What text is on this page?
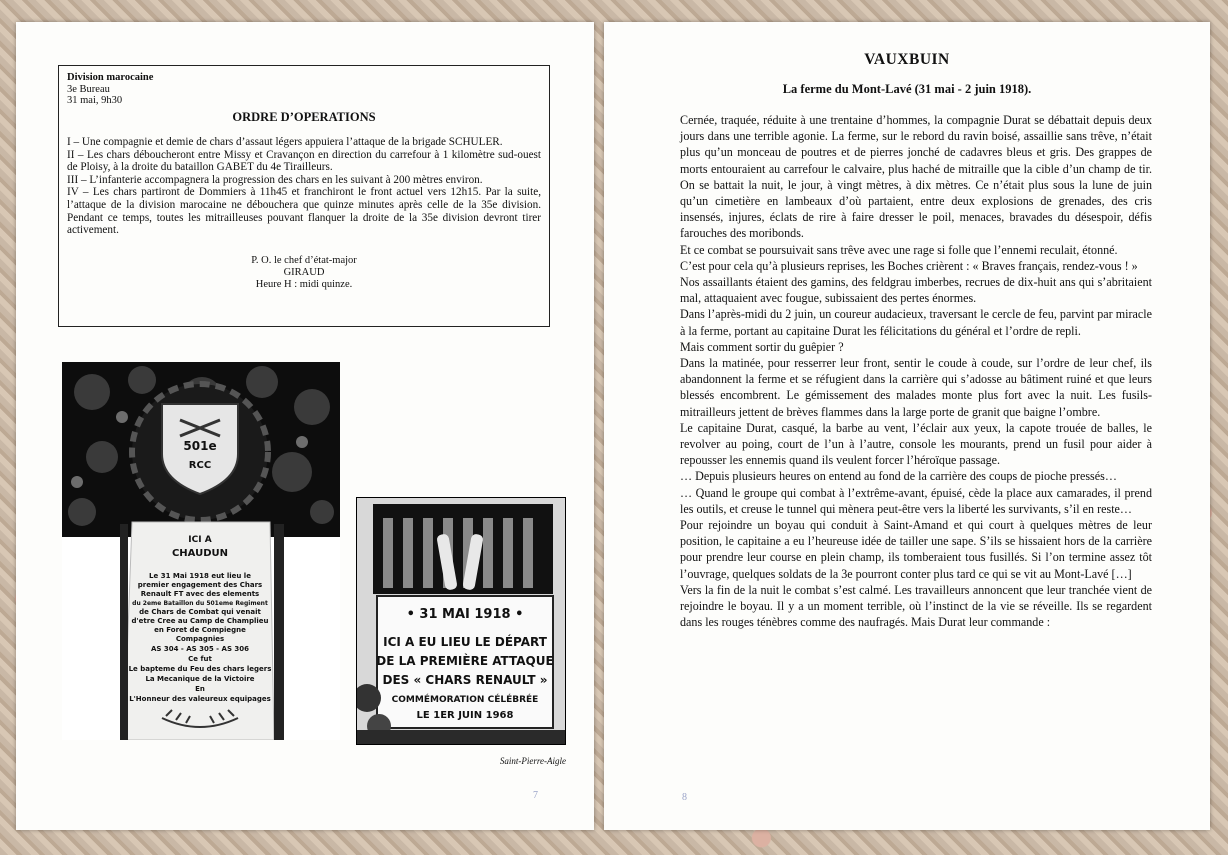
Division marocaine
3e Bureau
31 mai, 9h30
ORDRE D’OPERATIONS

I – Une compagnie et demie de chars d’assaut légers appuiera l’attaque de la brigade SCHULER.

II – Les chars déboucheront entre Missy et Cravançon en direction du carrefour à 1 kilomètre sud-ouest de Ploisy, à la droite du bataillon GABET du 4e Tirailleurs.

III – L’infanterie accompagnera la progression des chars en les suivant à 200 mètres environ.

IV – Les chars partiront de Dommiers à 11h45 et franchiront le front actuel vers 12h15. Par la suite, l’attaque de la division marocaine ne débouchera que quinze minutes après celle de la 35e division. Pendant ce temps, toutes les mitrailleuses pouvant flanquer la droite de la 35e division devront tirer activement.

P. O. le chef d’état-major
GIRAUD
Heure H : midi quinze.
501e
RCC
ICI A
CHAUDUN
Le 31 Mai 1918 eut lieu le
premier engagement des Chars
Renault FT avec des elements
du 2eme Bataillon du 501eme Regiment
de Chars de Combat qui venait
d'etre Cree au Camp de Champlieu
en Foret de Compiegne
Compagnies
AS 304 - AS 305 - AS 306
Ce fut
Le bapteme du Feu des chars legers
La Mecanique de la Victoire
En
L'Honneur des valeureux equipages
• 31 MAI 1918 •
ICI A EU LIEU LE DÉPART
DE LA PREMIÈRE ATTAQUE
DES « CHARS RENAULT »
COMMÉMORATION CÉLÉBRÉE
LE 1ER JUIN 1968
Saint-Pierre-Aigle
7
VAUXBUIN
La ferme du Mont-Lavé (31 mai - 2 juin 1918).

Cernée, traquée, réduite à une trentaine d’hommes, la compagnie Durat se débattait depuis deux jours dans une terrible agonie. La ferme, sur le rebord du ravin boisé, assaillie sans trêve, n’était plus qu’un monceau de poutres et de pierres jonché de cadavres bleus et gris. Des grappes de morts entouraient au carrefour le calvaire, plus haché de mitraille que la cible d’un champ de tir. On se battait la nuit, le jour, à vingt mètres, à dix mètres. Ce n’était plus sous la lune de juin qu’un cimetière en lambeaux d’où partaient, entre deux explosions de grenades, des cris insensés, injures, éclats de rire à faire dresser le poil, menaces, bravades du désespoir, défis farouches des moribonds.

Et ce combat se poursuivait sans trêve avec une rage si folle que l’ennemi reculait, étonné.

C’est pour cela qu’à plusieurs reprises, les Boches crièrent : « Braves français, rendez-vous ! »

Nos assaillants étaient des gamins, des feldgrau imberbes, recrues de dix-huit ans qui s’abritaient mal, attaquaient avec fougue, subissaient des pertes énormes.

Dans l’après-midi du 2 juin, un coureur audacieux, traversant le cercle de feu, parvint par miracle à la ferme, portant au capitaine Durat les félicitations du général et l’ordre de repli.

Mais comment sortir du guêpier ?

Dans la matinée, pour resserrer leur front, sentir le coude à coude, sur l’ordre de leur chef, ils abandonnent la ferme et se réfugient dans la carrière qui s’adosse au bâtiment ruiné et que leurs blessés encombrent. Le gémissement des malades monte plus fort avec la nuit. Les fusils-mitrailleurs jettent de brèves flammes dans la large porte de granit que baigne l’ombre.

Le capitaine Durat, casqué, la barbe au vent, l’éclair aux yeux, la capote trouée de balles, le revolver au poing, court de l’un à l’autre, console les mourants, prend un fusil pour aider à repousser les ennemis quand ils veulent forcer l’héroïque passage.

… Depuis plusieurs heures on entend au fond de la carrière des coups de pioche pressés…

… Quand le groupe qui combat à l’extrême-avant, épuisé, cède la place aux camarades, il prend les outils, et creuse le tunnel qui mènera peut-être vers la liberté les survivants, s’il en reste…

Pour rejoindre un boyau qui conduit à Saint-Amand et qui court à quelques mètres de leur position, le capitaine a eu l’heureuse idée de tailler une sape. S’ils se hissaient hors de la carrière pour prendre leur course en plein champ, ils tomberaient tous fusillés. Si l’on termine assez tôt l’ouvrage, quelques soldats de la 3e pourront conter plus tard ce qui se vit au Mont-Lavé […]

Vers la fin de la nuit le combat s’est calmé. Les travailleurs annoncent que leur tranchée vient de rejoindre le boyau. Il y a un moment terrible, où l’instinct de la vie se réveille. Ils se regardent dans les rouges ténèbres comme des naufragés. Mais Durat leur commande :

8
